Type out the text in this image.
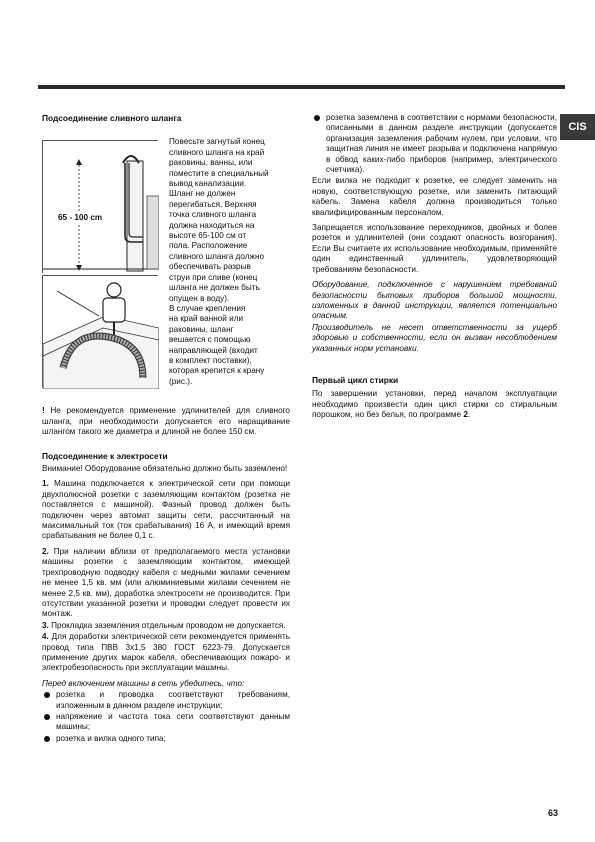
CIS
Подсоединение сливного шланга
65 - 100 cm
Повесьте загнутый конец
сливного шланга на край
раковины, ванны, или
поместите в специальный
вывод канализации.
Шланг не должен
перегибаться. Верхняя
точка сливного шланга
должна находиться на
высоте 65-100 см от
пола. Расположение
сливного шланга должно
обеспечивать разрыв
струи при сливе (конец
шланга не должен быть
опущен в воду).
В случае крепления
на край ванной или
раковины, шланг
вешается с помощью
направляющей (входит
в комплект поставки),
которая крепится к крану
(рис.).

! Не рекомендуется применение удлинителей для сливного шланга, при необходимости допускается его наращивание шлангом такого же диаметра и длиной не более 150 см.

Подсоединение к электросети

Внимание! Оборудование обязательно должно быть заземлено!

1. Машина подключается к электрической сети при помощи двухполюсной розетки с заземляющим контактом (розетка не поставляется с машиной). Фазный провод должен быть подключен через автомат защиты сети, рассчитанный на максимальный ток (ток срабатывания) 16 А, и имеющий время срабатывания не более 0,1 с.

2. При наличии вблизи от предполагаемого места установки машины розетки с заземляющим контактом, имеющей трехпроводную подводку кабеля с медными жилами сечением не менее 1,5 кв. мм (или алюминиевыми жилами сечением не менее 2,5 кв. мм), доработка электросети не производится. При отсутствии указанной розетки и проводки следует провести их монтаж.

3. Прокладка заземления отдельным проводом не допускается.

4. Для доработки электрической сети рекомендуется применять провод типа ПВВ 3х1,5 380 ГОСТ 6223-79. Допускается применение других марок кабеля, обеспечивающих пожаро- и электробезопасность при эксплуатации машины.

Перед включением машины в сеть убедитесь, что:

розетка и проводка соответствуют требованиям, изложенным в данном разделе инструкции;
напряжение и частота тока сети соответствуют данным машины;
розетка и вилка одного типа;
розетка заземлена в соответствии с нормами безопасности, описанными в данном разделе инструкции (допускается организация заземления рабочим нулем, при условии, что защитная линия не имеет разрыва и подключена напрямую в обвод каких-либо приборов (например, электрического счетчика).

Если вилка не подходит к розетке, ее следует заменить на новую, соответствующую розетке, или заменить питающий кабель. Замена кабеля должна производиться только квалифицированным персоналом.

Запрещается использование переходников, двойных и более розеток и удлинителей (они создают опасность возгорания). Если Вы считаете их использование необходимым, применяйте один единственный удлинитель, удовлетворяющий требованиям безопасности.

Оборудование, подключенное с нарушением требований безопасности бытовых приборов большой мощности, изложенных в данной инструкции, является потенциально опасным.

Производитель не несет ответственности за ущерб здоровью и собственности, если он вызван несоблюдением указанных норм установки.

Первый цикл стирки

По завершении установки, перед началом эксплуатации необходимо произвести один цикл стирки со стиральным порошком, но без белья, по программе 2.

63
